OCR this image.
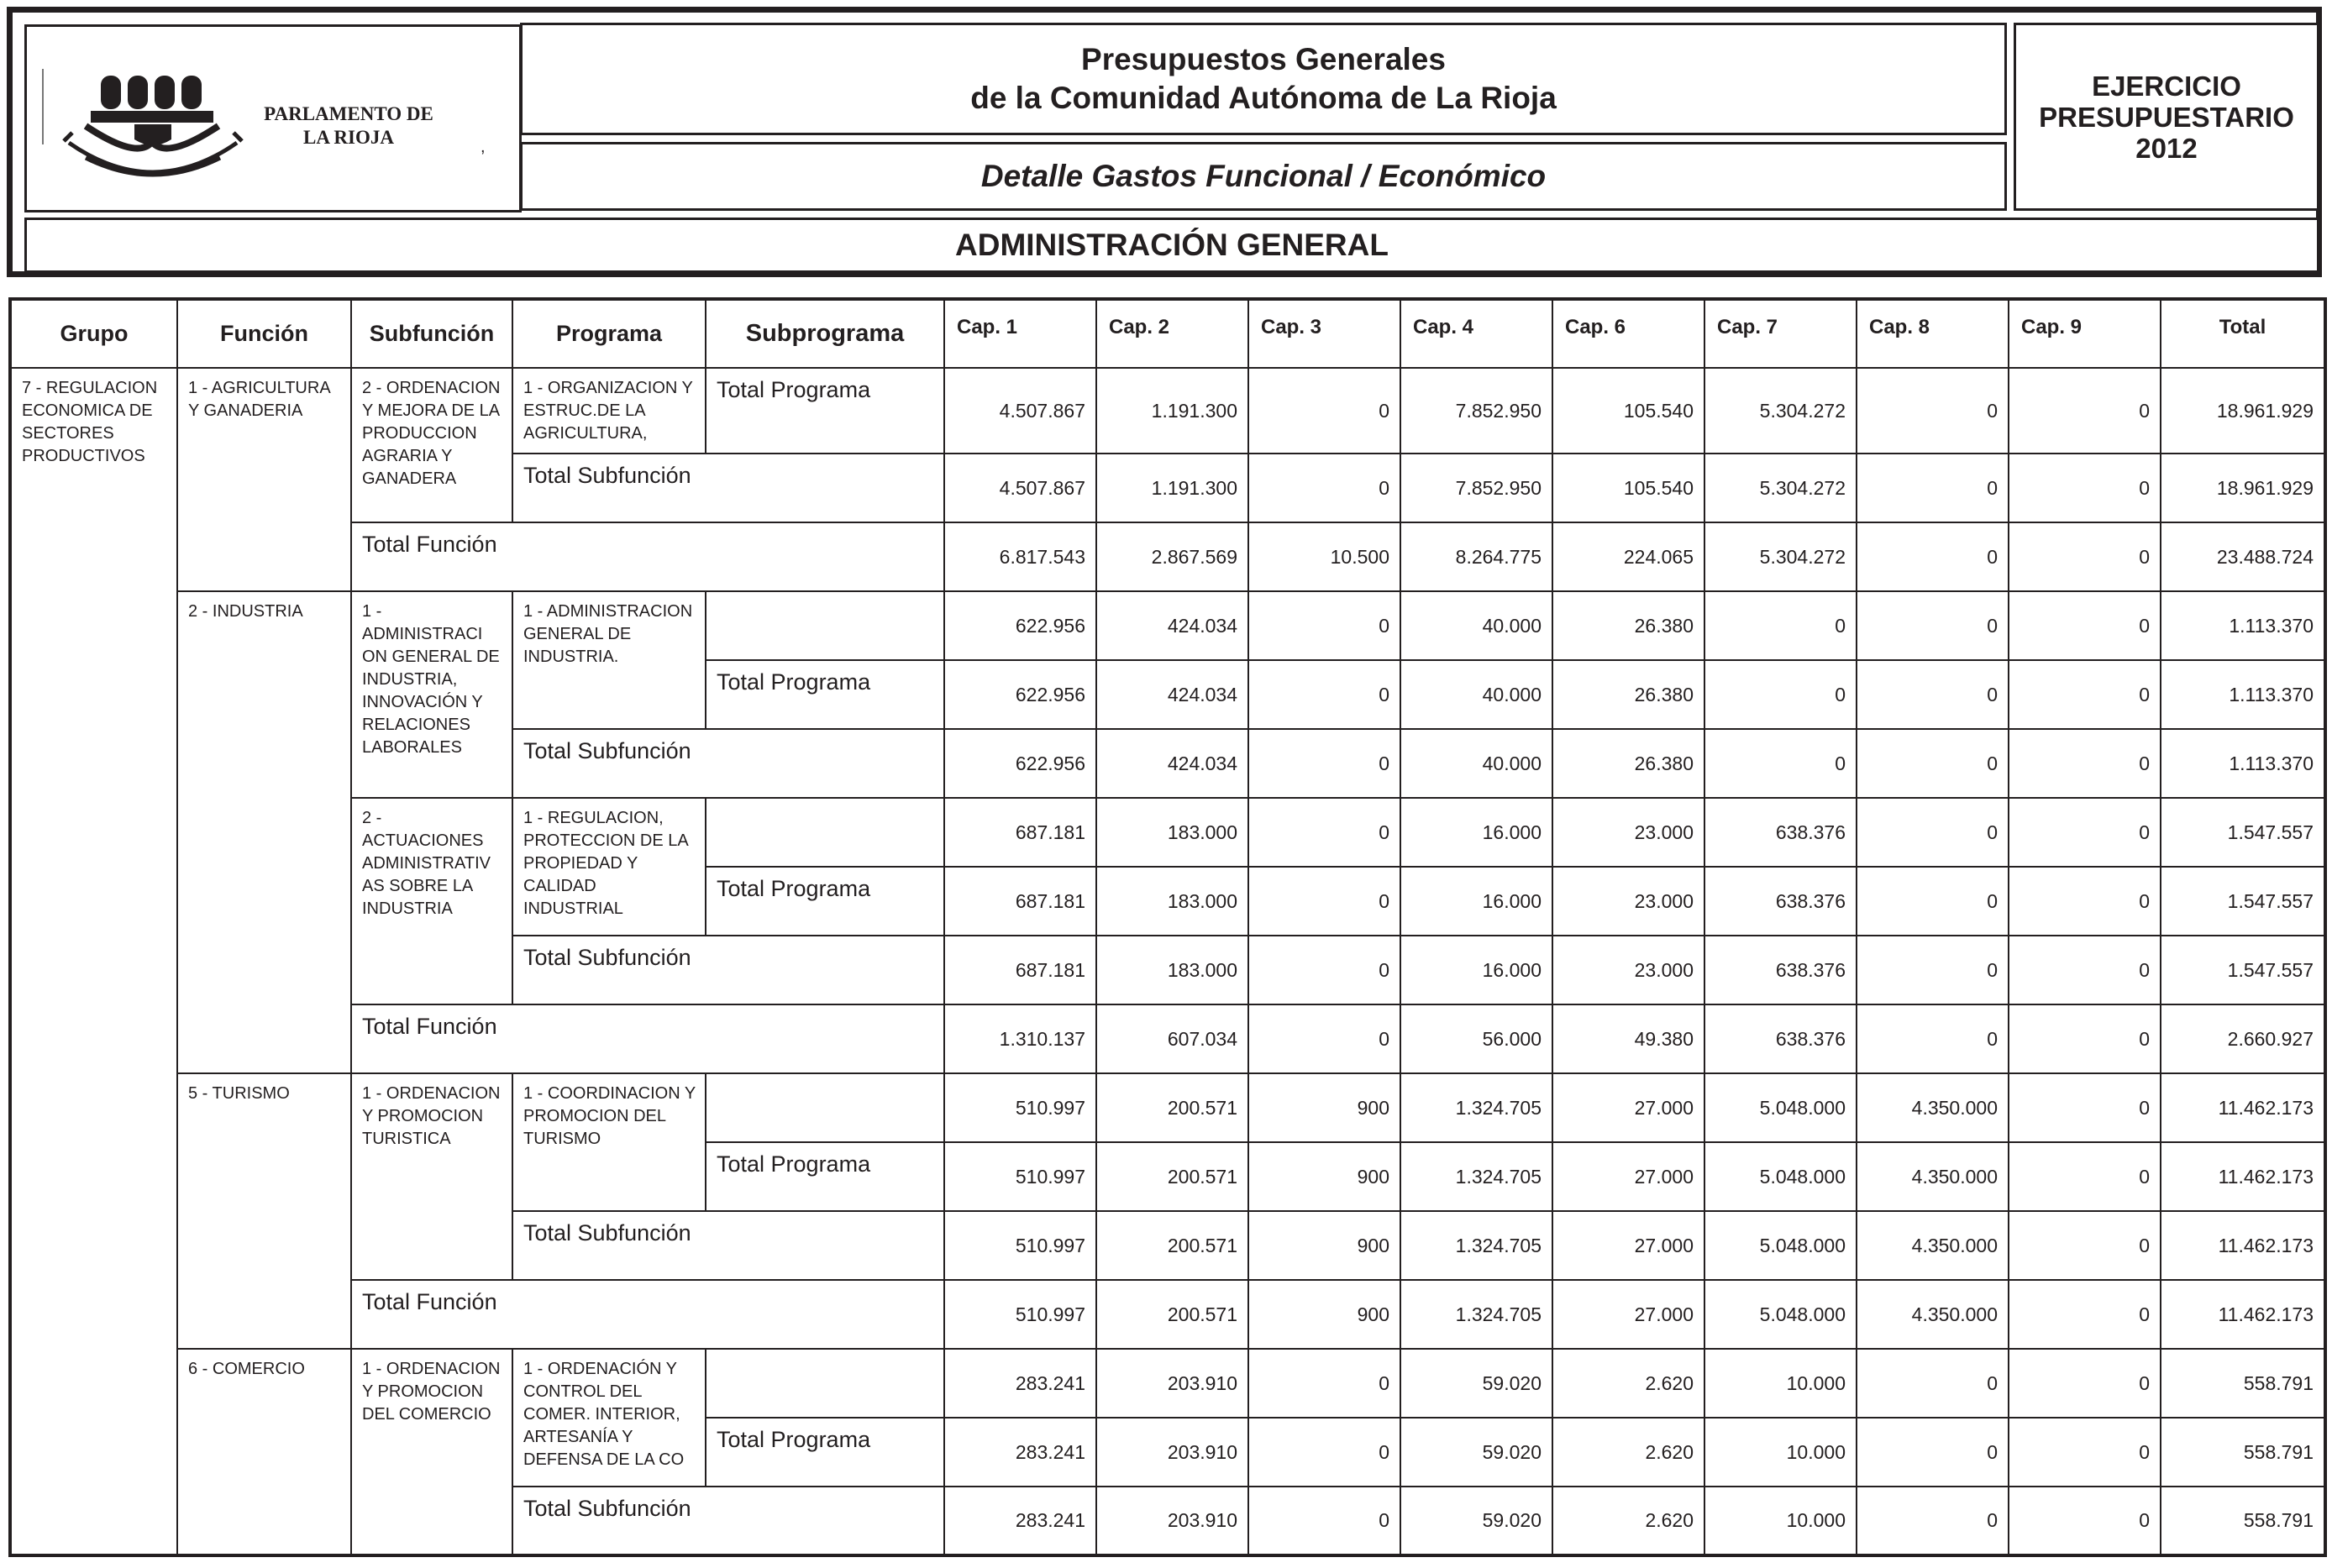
PARLAMENTO DE
LA RIOJA	,
Presupuestos Generales
de la Comunidad Autónoma de La Rioja
Detalle Gastos Funcional / Económico
EJERCICIO
PRESUPUESTARIO
2012
ADMINISTRACIÓN GENERAL
Grupo	Función	Subfunción	Programa	Subprograma	Cap. 1	Cap. 2	Cap. 3	Cap. 4	Cap. 6	Cap. 7	Cap. 8	Cap. 9	Total
7 - REGULACION ECONOMICA DE SECTORES PRODUCTIVOS	1 - AGRICULTURA Y GANADERIA	2 - ORDENACION Y MEJORA DE LA PRODUCCION AGRARIA Y GANADERA	1 - ORGANIZACION Y ESTRUC.DE LA AGRICULTURA,	Total Programa	4.507.867	1.191.300	0	7.852.950	105.540	5.304.272	0	0	18.961.929
			Total Subfunción		4.507.867	1.191.300	0	7.852.950	105.540	5.304.272	0	0	18.961.929
		Total Función			6.817.543	2.867.569	10.500	8.264.775	224.065	5.304.272	0	0	23.488.724
	2 - INDUSTRIA	1 - ADMINISTRACI ON GENERAL DE INDUSTRIA, INNOVACIÓN Y RELACIONES LABORALES	1 - ADMINISTRACION GENERAL DE INDUSTRIA.		622.956	424.034	0	40.000	26.380	0	0	0	1.113.370
				Total Programa	622.956	424.034	0	40.000	26.380	0	0	0	1.113.370
			Total Subfunción		622.956	424.034	0	40.000	26.380	0	0	0	1.113.370
		2 - ACTUACIONES ADMINISTRATIV AS SOBRE LA INDUSTRIA	1 - REGULACION, PROTECCION DE LA PROPIEDAD Y CALIDAD INDUSTRIAL		687.181	183.000	0	16.000	23.000	638.376	0	0	1.547.557
				Total Programa	687.181	183.000	0	16.000	23.000	638.376	0	0	1.547.557
			Total Subfunción		687.181	183.000	0	16.000	23.000	638.376	0	0	1.547.557
		Total Función			1.310.137	607.034	0	56.000	49.380	638.376	0	0	2.660.927
	5 - TURISMO	1 - ORDENACION Y PROMOCION TURISTICA	1 - COORDINACION Y PROMOCION DEL TURISMO		510.997	200.571	900	1.324.705	27.000	5.048.000	4.350.000	0	11.462.173
				Total Programa	510.997	200.571	900	1.324.705	27.000	5.048.000	4.350.000	0	11.462.173
			Total Subfunción		510.997	200.571	900	1.324.705	27.000	5.048.000	4.350.000	0	11.462.173
		Total Función			510.997	200.571	900	1.324.705	27.000	5.048.000	4.350.000	0	11.462.173
	6 - COMERCIO	1 - ORDENACION Y PROMOCION DEL COMERCIO	1 - ORDENACIÓN Y CONTROL DEL COMER. INTERIOR, ARTESANÍA Y DEFENSA DE LA CO		283.241	203.910	0	59.020	2.620	10.000	0	0	558.791
				Total Programa	283.241	203.910	0	59.020	2.620	10.000	0	0	558.791
			Total Subfunción		283.241	203.910	0	59.020	2.620	10.000	0	0	558.791
